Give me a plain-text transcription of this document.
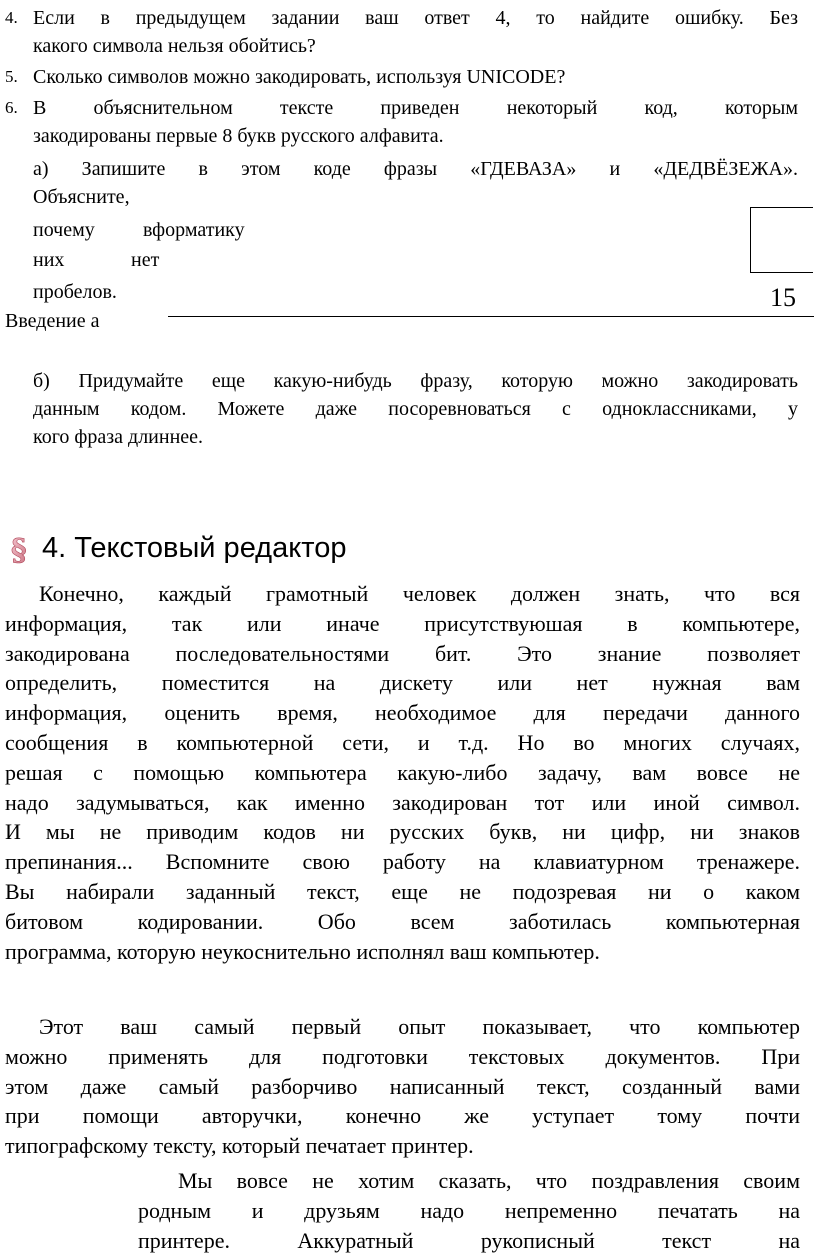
4. Если в предыдущем задании ваш ответ 4, то найдите ошибку. Без
какого символа нельзя обойтись?
5. Сколько символов можно закодировать, используя UNICODE?
6. В объяснительном тексте приведен некоторый код, которым
закодированы первые 8 букв русского алфавита.
а) Запишите в этом коде фразы «ГДЕВАЗА» и «ДЕДВЁЗЕЖА».
Объясните,
почему вформатику
них	нет
пробелов.
Введение а
15
б) Придумайте еще какую-нибудь фразу, которую можно закодировать
данным кодом. Можете даже посоревноваться с одноклассниками, у
кого фраза длиннее.
§ 4. Текстовый редактор
Конечно, каждый грамотный человек должен знать, что вся
информация, так или иначе присутствуюшая в компьютере,
закодирована последовательностями бит. Это знание позволяет
определить, поместится на дискету или нет нужная вам
информация, оценить время, необходимое для передачи данного
сообщения в компьютерной сети, и т.д. Но во многих случаях,
решая с помощью компьютера какую-либо задачу, вам вовсе не
надо задумываться, как именно закодирован тот или иной символ.
И мы не приводим кодов ни русских букв, ни цифр, ни знаков
препинания... Вспомните свою работу на клавиатурном тренажере.
Вы набирали заданный текст, еще не подозревая ни о каком
битовом кодировании. Обо всем заботилась компьютерная
программа, которую неукоснительно исполнял ваш компьютер.
Этот ваш самый первый опыт показывает, что компьютер
можно применять для подготовки текстовых документов. При
этом даже самый разборчиво написанный текст, созданный вами
при помощи авторучки, конечно же уступает тому почти
типографскому тексту, который печатает принтер.
Мы вовсе не хотим сказать, что поздравления своим
родным и друзьям надо непременно печатать на
принтере. Аккуратный рукописный текст на
